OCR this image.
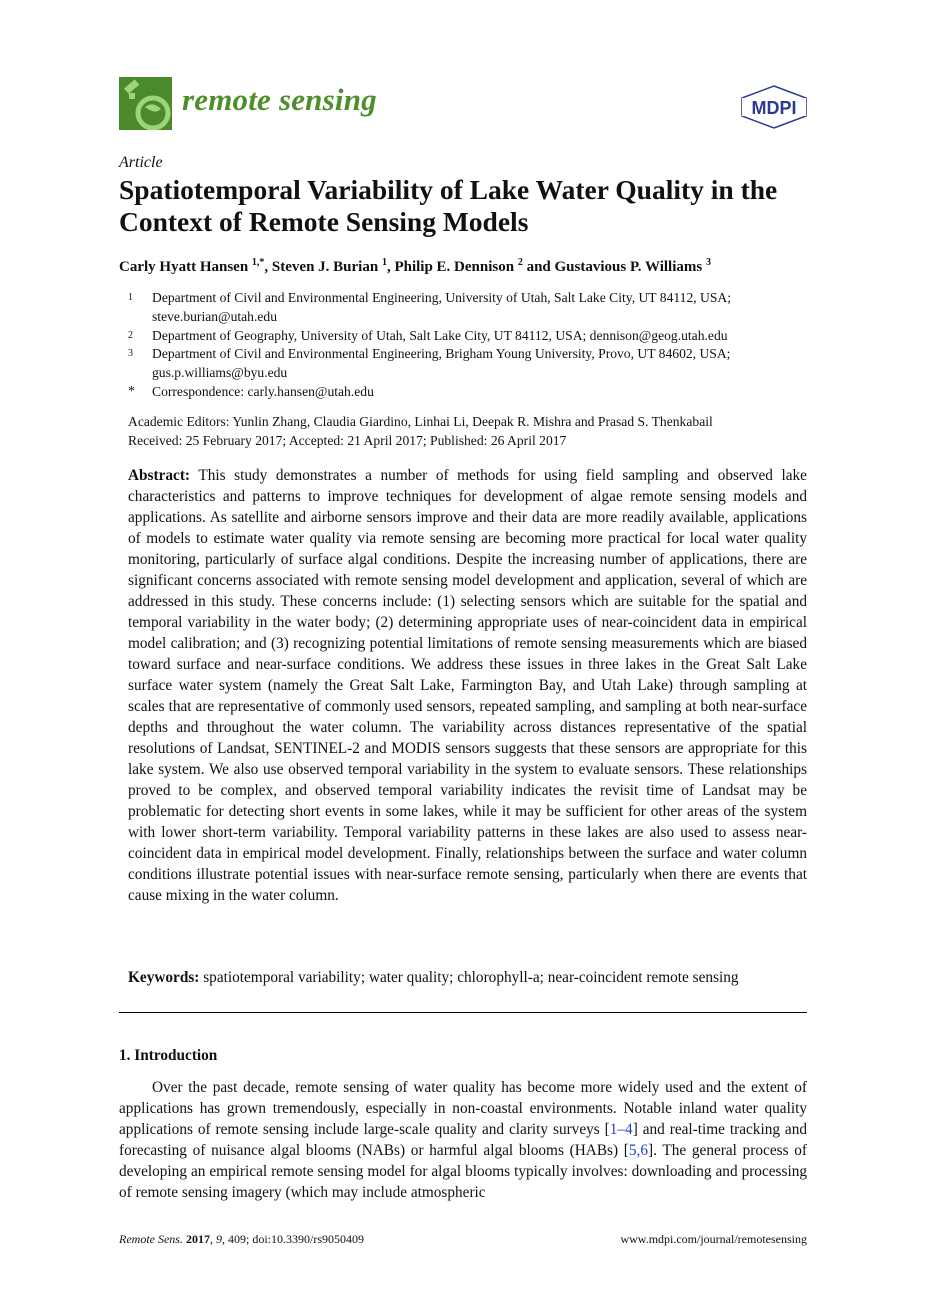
remote sensing	MDPI
Article
Spatiotemporal Variability of Lake Water Quality in the Context of Remote Sensing Models
Carly Hyatt Hansen $^{1,*}$, Steven J. Burian $^1$, Philip E. Dennison $^2$ and Gustavious P. Williams $^3$
1	Department of Civil and Environmental Engineering, University of Utah, Salt Lake City, UT 84112, USA; steve.burian@utah.edu
2	Department of Geography, University of Utah, Salt Lake City, UT 84112, USA; dennison@geog.utah.edu
3	Department of Civil and Environmental Engineering, Brigham Young University, Provo, UT 84602, USA; gus.p.williams@byu.edu
*	Correspondence: carly.hansen@utah.edu
Academic Editors: Yunlin Zhang, Claudia Giardino, Linhai Li, Deepak R. Mishra and Prasad S. Thenkabail
Received: 25 February 2017; Accepted: 21 April 2017; Published: 26 April 2017
Abstract: This study demonstrates a number of methods for using field sampling and observed lake characteristics and patterns to improve techniques for development of algae remote sensing models and applications. As satellite and airborne sensors improve and their data are more readily available, applications of models to estimate water quality via remote sensing are becoming more practical for local water quality monitoring, particularly of surface algal conditions. Despite the increasing number of applications, there are significant concerns associated with remote sensing model development and application, several of which are addressed in this study. These concerns include: (1) selecting sensors which are suitable for the spatial and temporal variability in the water body; (2) determining appropriate uses of near-coincident data in empirical model calibration; and (3) recognizing potential limitations of remote sensing measurements which are biased toward surface and near-surface conditions. We address these issues in three lakes in the Great Salt Lake surface water system (namely the Great Salt Lake, Farmington Bay, and Utah Lake) through sampling at scales that are representative of commonly used sensors, repeated sampling, and sampling at both near-surface depths and throughout the water column. The variability across distances representative of the spatial resolutions of Landsat, SENTINEL-2 and MODIS sensors suggests that these sensors are appropriate for this lake system. We also use observed temporal variability in the system to evaluate sensors. These relationships proved to be complex, and observed temporal variability indicates the revisit time of Landsat may be problematic for detecting short events in some lakes, while it may be sufficient for other areas of the system with lower short-term variability. Temporal variability patterns in these lakes are also used to assess near-coincident data in empirical model development. Finally, relationships between the surface and water column conditions illustrate potential issues with near-surface remote sensing, particularly when there are events that cause mixing in the water column.
Keywords: spatiotemporal variability; water quality; chlorophyll-a; near-coincident remote sensing
1. Introduction
Over the past decade, remote sensing of water quality has become more widely used and the extent of applications has grown tremendously, especially in non-coastal environments. Notable inland water quality applications of remote sensing include large-scale quality and clarity surveys [1–4] and real-time tracking and forecasting of nuisance algal blooms (NABs) or harmful algal blooms (HABs) [5,6]. The general process of developing an empirical remote sensing model for algal blooms typically involves: downloading and processing of remote sensing imagery (which may include atmospheric
Remote Sens. 2017, 9, 409; doi:10.3390/rs9050409	www.mdpi.com/journal/remotesensing
